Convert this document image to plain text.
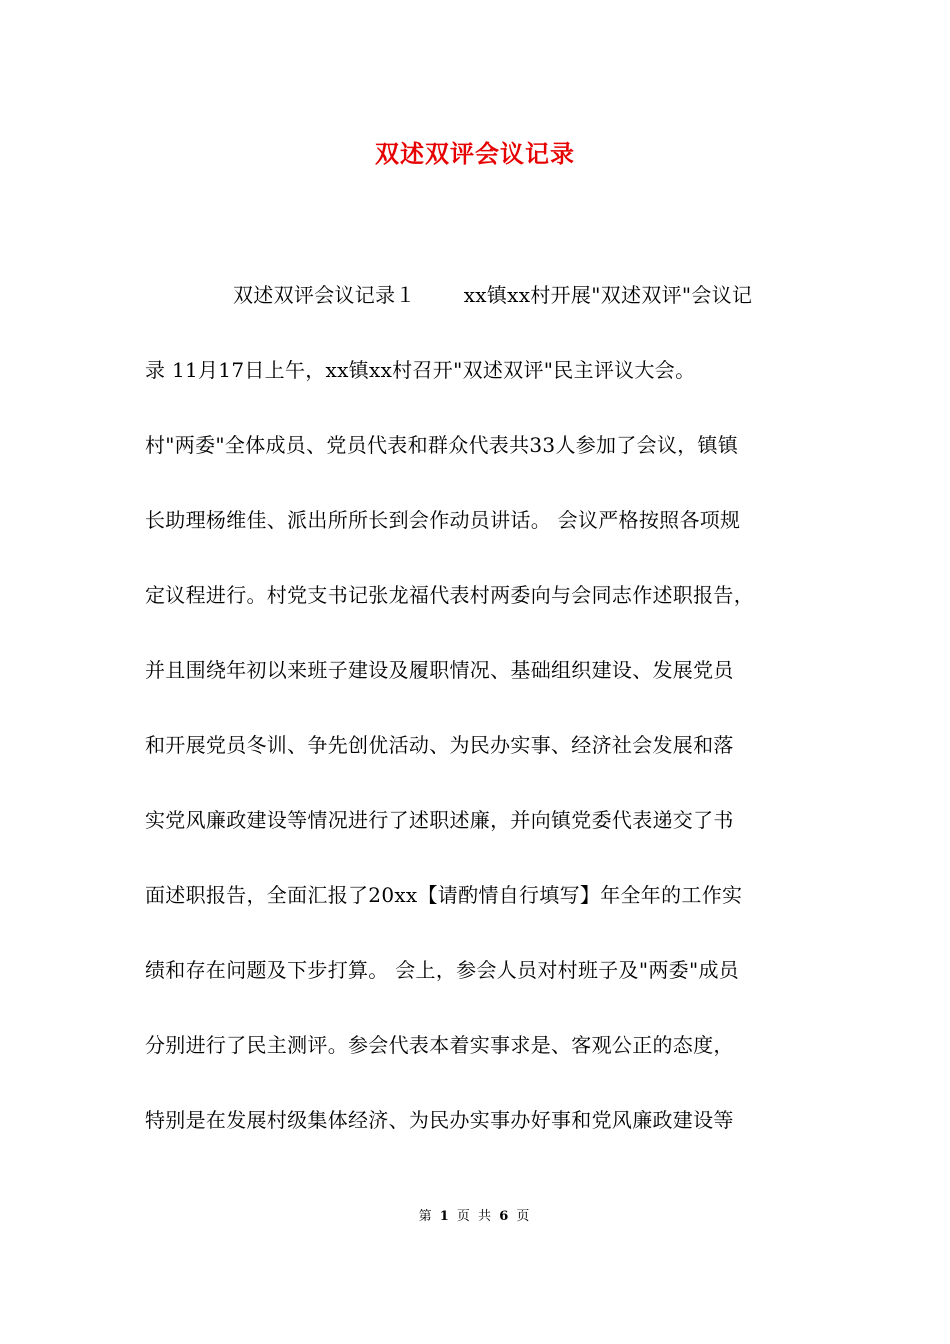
双述双评会议记录
双述双评会议记录１ xx镇xx村开展"双述双评"会议记
录 11月17日上午，xx镇xx村召开"双述双评"民主评议大会。
村"两委"全体成员、党员代表和群众代表共33人参加了会议，镇镇
长助理杨维佳、派出所所长到会作动员讲话。 会议严格按照各项规
定议程进行。村党支书记张龙福代表村两委向与会同志作述职报告，
并且围绕年初以来班子建设及履职情况、基础组织建设、发展党员
和开展党员冬训、争先创优活动、为民办实事、经济社会发展和落
实党风廉政建设等情况进行了述职述廉，并向镇党委代表递交了书
面述职报告，全面汇报了20xx【请酌情自行填写】年全年的工作实
绩和存在问题及下步打算。 会上，参会人员对村班子及"两委"成员
分别进行了民主测评。参会代表本着实事求是、客观公正的态度，
特别是在发展村级集体经济、为民办实事办好事和党风廉政建设等
第 1 页 共 6 页
